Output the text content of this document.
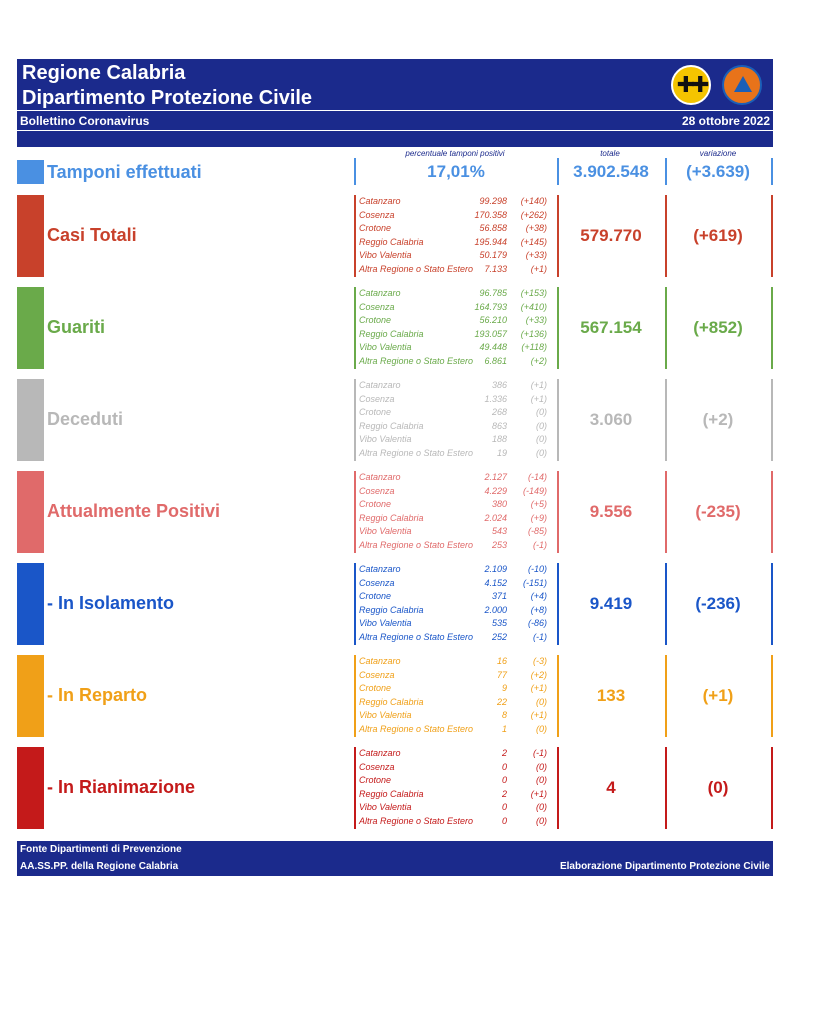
Regione Calabria
Dipartimento Protezione Civile
✚✚
Bollettino Coronavirus	28 ottobre 2022
percentuale tamponi positivi	totale	variazione
Tamponi effettuati	17,01%	3.902.548	(+3.639)
Casi Totali
Catanzaro	99.298 (+140)
Cosenza	170.358 (+262)
Crotone	56.858 (+38)
Reggio Calabria	195.944 (+145)
Vibo Valentia	50.179 (+33)
Altra Regione o Stato Estero 7.133	(+1)
579.770	(+619)
Guariti
Catanzaro	96.785 (+153)
Cosenza	164.793 (+410)
Crotone	56.210 (+33)
Reggio Calabria	193.057 (+136)
Vibo Valentia	49.448 (+118)
Altra Regione o Stato Estero 6.861	(+2)
567.154	(+852)
Deceduti
Catanzaro	386	(+1)
Cosenza	1.336	(+1)
Crotone	268	(0)
Reggio Calabria	863	(0)
Vibo Valentia	188	(0)
Altra Regione o Stato Estero	19	(0)
3.060	(+2)
Attualmente Positivi
Catanzaro	2.127 (-14)
Cosenza	4.229 (-149)
Crotone	380	(+5)
Reggio Calabria	2.024	(+9)
Vibo Valentia	543 (-85)
Altra Regione o Stato Estero 253	(-1)
9.556	(-235)
- In Isolamento
Catanzaro	2.109 (-10)
Cosenza	4.152 (-151)
Crotone	371	(+4)
Reggio Calabria	2.000	(+8)
Vibo Valentia	535 (-86)
Altra Regione o Stato Estero 252	(-1)
9.419	(-236)
- In Reparto
Catanzaro	16	(-3)
Cosenza	77	(+2)
Crotone	9	(+1)
Reggio Calabria	22	(0)
Vibo Valentia	8	(+1)
Altra Regione o Stato Estero	1	(0)
133	(+1)
- In Rianimazione
Catanzaro	2	(-1)
Cosenza	0	(0)
Crotone	0	(0)
Reggio Calabria	2	(+1)
Vibo Valentia	0	(0)
Altra Regione o Stato Estero	0	(0)
4	(0)
Fonte Dipartimenti di Prevenzione
AA.SS.PP. della Regione Calabria	Elaborazione Dipartimento Protezione Civile
